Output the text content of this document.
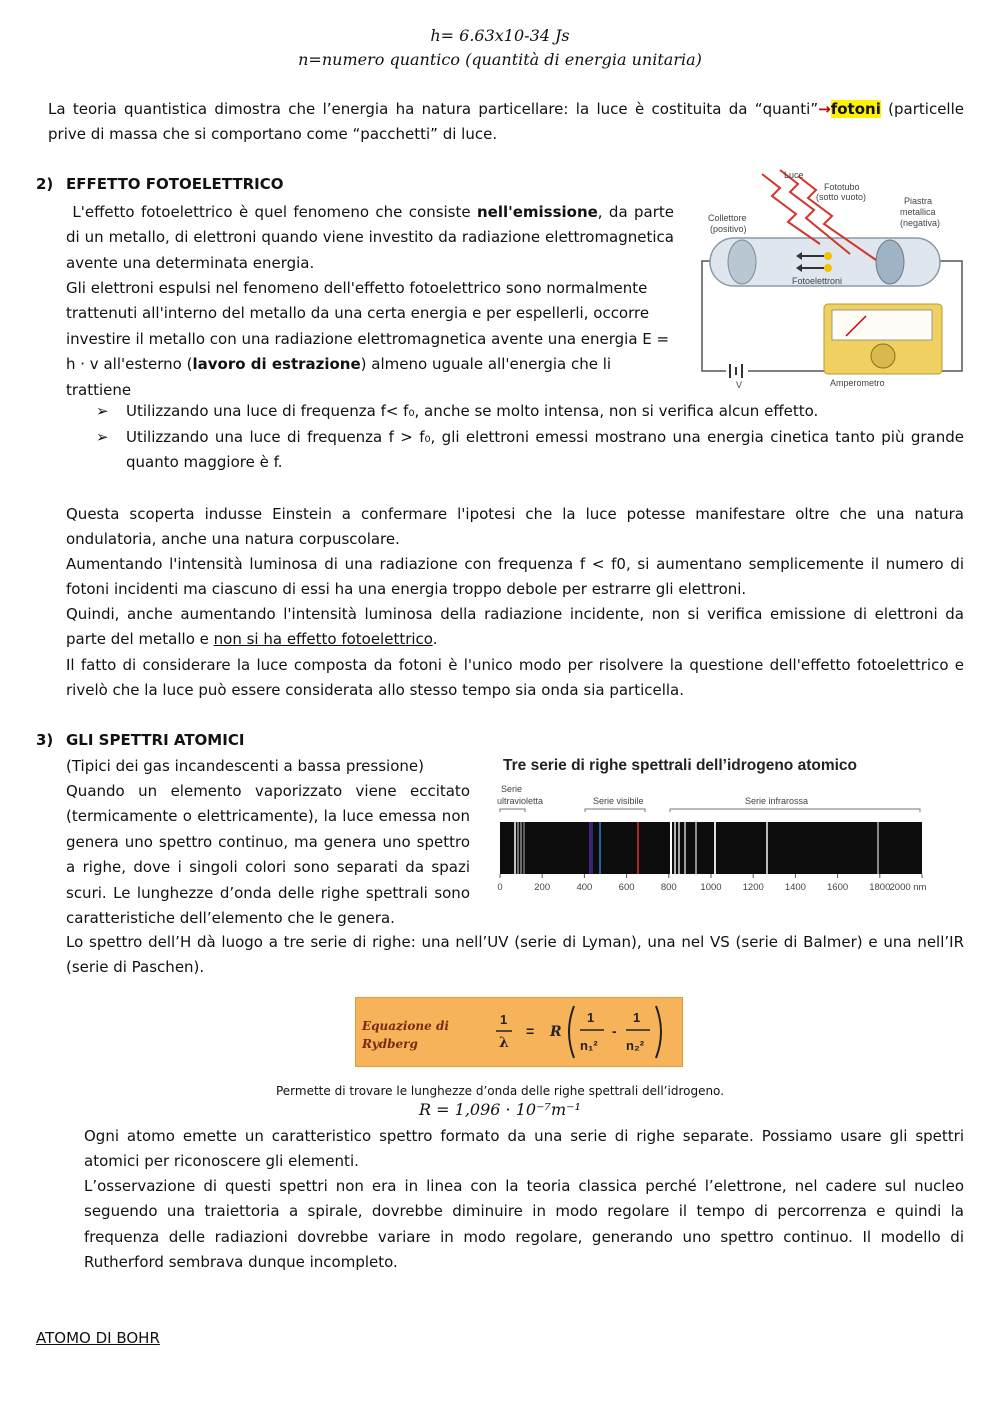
h= 6.63x10-34 Js
n=numero quantico (quantità di energia unitaria)
La teoria quantistica dimostra che l’energia ha natura particellare: la luce è costituita da “quanti”→fotoni (particelle prive di massa che si comportano come “pacchetti” di luce.
2) EFFETTO FOTOELETTRICO
L'effetto fotoelettrico è quel fenomeno che consiste nell'emissione, da parte di un metallo, di elettroni quando viene investito da radiazione elettromagnetica avente una determinata energia.
Gli elettroni espulsi nel fenomeno dell'effetto fotoelettrico sono normalmente trattenuti all'interno del metallo da una certa energia e per espellerli, occorre investire il metallo con una radiazione elettromagnetica avente una energia E = h · v all'esterno (lavoro di estrazione) almeno uguale all'energia che li trattiene
Luce
Fototubo
(sotto vuoto)
Collettore
(positivo)
Piastra
metallica
(negativa)
Fotoelettroni
Amperometro
V
➢ Utilizzando una luce di frequenza f< f₀, anche se molto intensa, non si verifica alcun effetto.
➢ Utilizzando una luce di frequenza f > f₀, gli elettroni emessi mostrano una energia cinetica tanto più grande quanto maggiore è f.
Questa scoperta indusse Einstein a confermare l'ipotesi che la luce potesse manifestare oltre che una natura ondulatoria, anche una natura corpuscolare.
Aumentando l'intensità luminosa di una radiazione con frequenza f < f0, si aumentano semplicemente il numero di fotoni incidenti ma ciascuno di essi ha una energia troppo debole per estrarre gli elettroni.
Quindi, anche aumentando l'intensità luminosa della radiazione incidente, non si verifica emissione di elettroni da parte del metallo e non si ha effetto fotoelettrico.
Il fatto di considerare la luce composta da fotoni è l'unico modo per risolvere la questione dell'effetto fotoelettrico e rivelò che la luce può essere considerata allo stesso tempo sia onda sia particella.
3) GLI SPETTRI ATOMICI
(Tipici dei gas incandescenti a bassa pressione)
Quando un elemento vaporizzato viene eccitato (termicamente o elettricamente), la luce emessa non genera uno spettro continuo, ma genera uno spettro a righe, dove i singoli colori sono separati da spazi scuri. Le lunghezze d’onda delle righe spettrali sono caratteristiche dell’elemento che le genera.
Tre serie di righe spettrali dell’idrogeno atomico
Serie
ultravioletta	Serie visibile	Serie infrarossa
0	200	400	600	800 1000 1200 1400 1600 1800 2000 nm
Lo spettro dell’H dà luogo a tre serie di righe: una nell’UV (serie di Lyman), una nel VS (serie di Balmer) e una nell’IR (serie di Paschen).
Equazione di
Rydberg
1
λ
= R
1
n₁²
-
1
n₂²
Permette di trovare le lunghezze d’onda delle righe spettrali dell’idrogeno.
R = 1,096 · 10⁻⁷m⁻¹
Ogni atomo emette un caratteristico spettro formato da una serie di righe separate. Possiamo usare gli spettri atomici per riconoscere gli elementi.
L’osservazione di questi spettri non era in linea con la teoria classica perché l’elettrone, nel cadere sul nucleo seguendo una traiettoria a spirale, dovrebbe diminuire in modo regolare il tempo di percorrenza e quindi la frequenza delle radiazioni dovrebbe variare in modo regolare, generando uno spettro continuo. Il modello di Rutherford sembrava dunque incompleto.
ATOMO DI BOHR
